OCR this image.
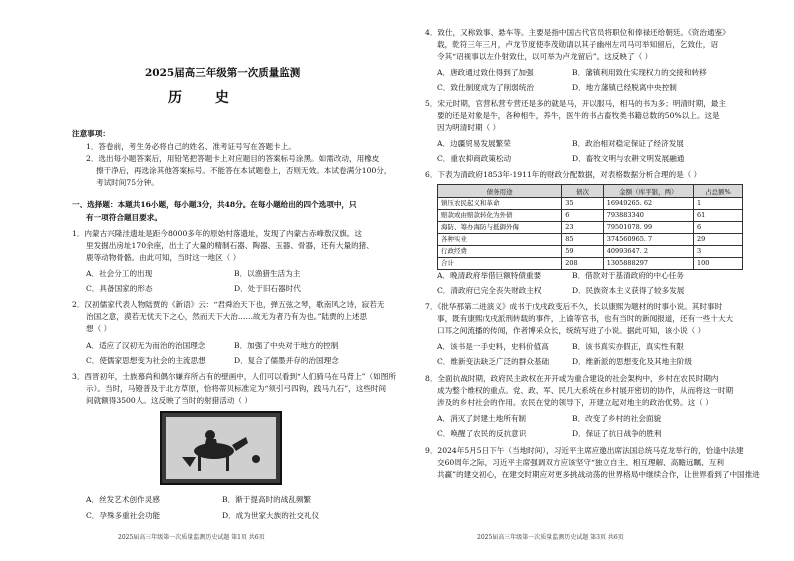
2025届高三年级第一次质量监测
历 史
注意事项：
1．答卷前，考生务必将自己的姓名、准考证号写在答题卡上。
2．选出每小题答案后，用铅笔把答题卡上对应题目的答案标号涂黑。如需改动，用橡皮
擦干净后，再选涂其他答案标号。不能答在本试题卷上，否则无效。本试卷满分100分，
考试时间75分钟。
一、选择题：本题共16小题，每小题3分，共48分。在每小题给出的四个选项中，只
有一项符合题目要求。
1．内蒙古兴隆洼遗址是距今8000多年的原始村落遗址，发现了内蒙古赤峰敖汉旗。这
里发掘出房址170余座，出土了大量的精制石器、陶器、玉器、骨器，还有大量的猪、
鹿等动物骨骼。由此可知，当时这一地区（ ）
A．社会分工的出现	B．以渔猎生活为主
C．具备国家的形态	D．处于旧石器时代
2．汉初儒家代表人物陆贾的《新语》云：“君舜治天下也，弹五弦之琴，歌南风之诗，寂若无
治国之意，漠若无忧天下之心，然而天下大治……故无为者乃有为也。”陆贾的上述思
想（ ）
A．适应了汉初无为而治的治国理念	B．加强了中央对于地方的控制
C．使儒家思想变为社会的主流思想	D．复合了儒墨并存的治国理念
3．西晋初年，士族慕尚和偶尔嫌弃所占有的壁画中，人们可以看到“人们骑马在马背上”（如图所
示）。当时，马镫普及于北方草原，恰将蒂贝标准定为“须引弓四钩，践马九石”，这些时间
间就额得3500人。这反映了当时的射猎活动（ ）
A．丝发艺术创作灵感	B．渐于提高时的战乱频繁
C．孕殊多重社会功能	D．成为世家大族的社交礼仪
2025届高三年级第一次质量监测历史试题 第1页 共6页
4．致仕，又称致事、悬车等。主要是指中国古代官员将职位和俸禄还给朝廷。《资治通鉴》
载，乾符三年三月，卢龙节度使李茂勋请以其子幽州左司马可举知留后，乞致仕，诏
令其“诏视事以左仆射致仕，以可举为卢龙留后”。这反映了（ ）
A．唐政通过致仕得到了加强	B．藩镇利用致仕实现权力的交接和转移
C．致仕制度成为了削弱统治	D．地方藩镇已经脱离中央控制
5．宋元时期，官营私营专营还是多的就是马，开以服马，相马的书为多；明清时期，最主
要的还是对象是牛，各种相牛，养牛，医牛的书占畜牧类书籍总数的50%以上。这是
因为明清时期（ ）
A．边疆贸易发展繁荣	B．政治相对稳定保证了经济发展
C．重农抑商政策松动	D．畜牧文明与农耕文明发展融通
6．下表为清政府1853年-1911年的财政分配数据，对表格数据分析合理的是（ ）
债务用途	债次	金额（库平银，两）	占总额%
镇压农民起义和革命	35	16949265. 62	1
赔款或由赔款转化为外债	6	793883340	61
海防、筹办海防与抵御外侮	23	79501078. 99	6
各种实业	85	374560965. 7	29
行政经费	59	40993647. 2	3
合计	208	1305888297	100
A．晚清政府举借巨额特债重要	B．借款对于基清政府的中心任务
C．清政府已完全丧失财政主权	D．民族资本主义获得了较多发展
7．《批华那第二进演义》成书于戊戌政变后不久，长以康熙为题材的时事小说。其时事时
事，既有康熙戊戌派刑转载的事件，上谕等官书，也有当时的新闻报道，还有一些十大大
口耳之间流播的传闻，作者博采众长，统统写进了小说。据此可知，该小说（ ）
A．该书是一手史料，史料价值高	B．该书真实亦假正，真实性有限
C．维新变法缺乏广泛的群众基础	D．维新派的思想变化及其地主阶级
8．全面抗战时期，政府民主政权在开开或为重合建设的社会架构中，乡村在农民时期内
成为整个维权的重点。党、政、军、民几大系统在乡村展开密切的协作，从而将这一时期
涉及的乡村社会的作用。农民在党的领导下，开建立起对地主的政治优势。这（ ）
A．消灭了封建土地所有制	B．改变了乡村的社会面貌
C．唤醒了农民的反抗意识	D．保证了抗日战争的胜利
9．2024年5月5日下午（当地时间），习近平主席应邀出席法国总统马克龙举行的，恰逢中法建
交60周年之际，习近平主席强调双方应该坚守“独立自主、相互理解、高瞻远瞩、互利
共赢”的建交初心，在建交时期应对更多挑战动荡的世界格局中继续合作，让世界看到了中国推进
2025届高三年级第一次质量监测历史试题 第3页 共6页
